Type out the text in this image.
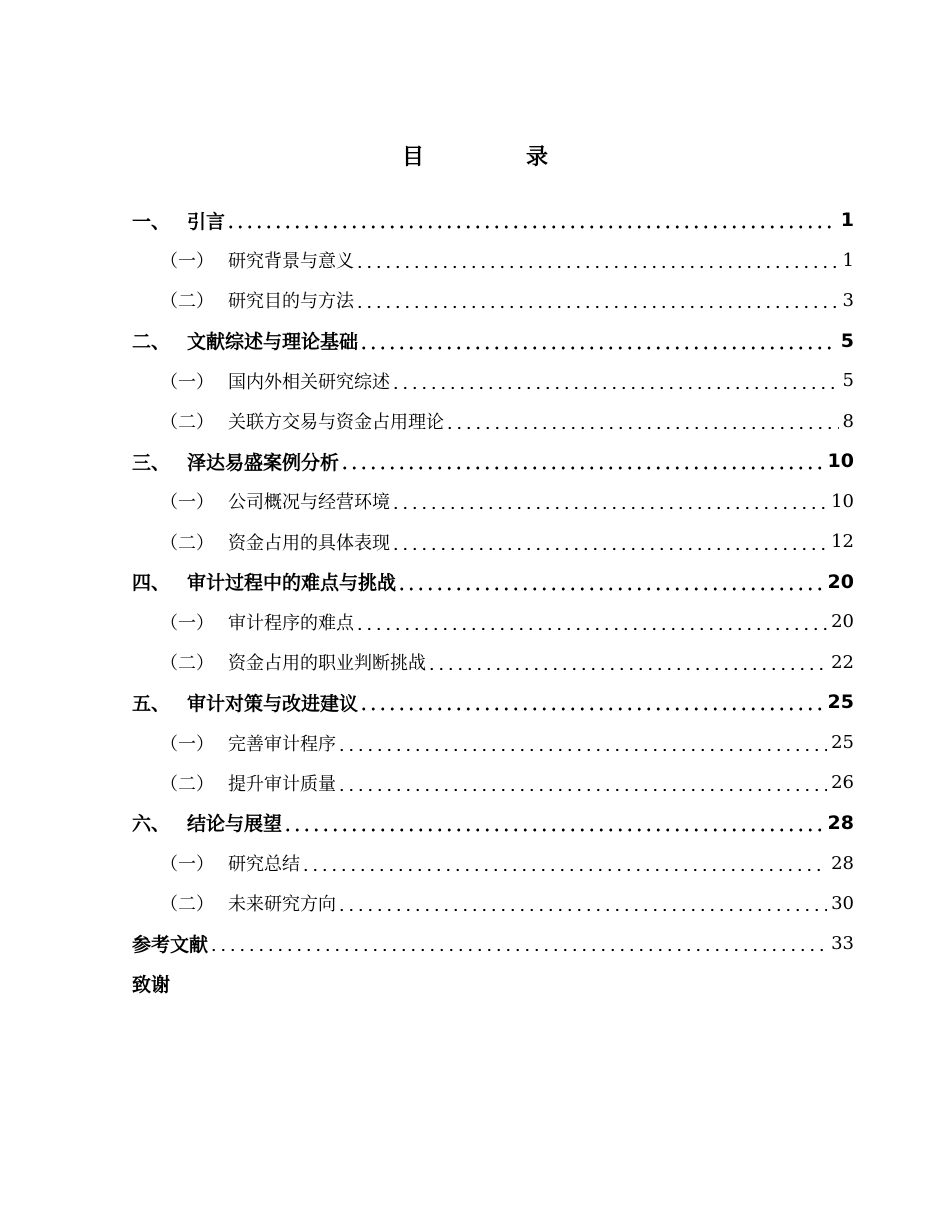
目　录
一、 引言	1
（一） 研究背景与意义	1
（二） 研究目的与方法	3
二、 文献综述与理论基础	5
（一） 国内外相关研究综述	5
（二） 关联方交易与资金占用理论	8
三、 泽达易盛案例分析	10
（一） 公司概况与经营环境	10
（二） 资金占用的具体表现	12
四、 审计过程中的难点与挑战	20
（一） 审计程序的难点	20
（二） 资金占用的职业判断挑战	22
五、 审计对策与改进建议	25
（一） 完善审计程序	25
（二） 提升审计质量	26
六、 结论与展望	28
（一） 研究总结	28
（二） 未来研究方向	30
参考文献	33
致谢
